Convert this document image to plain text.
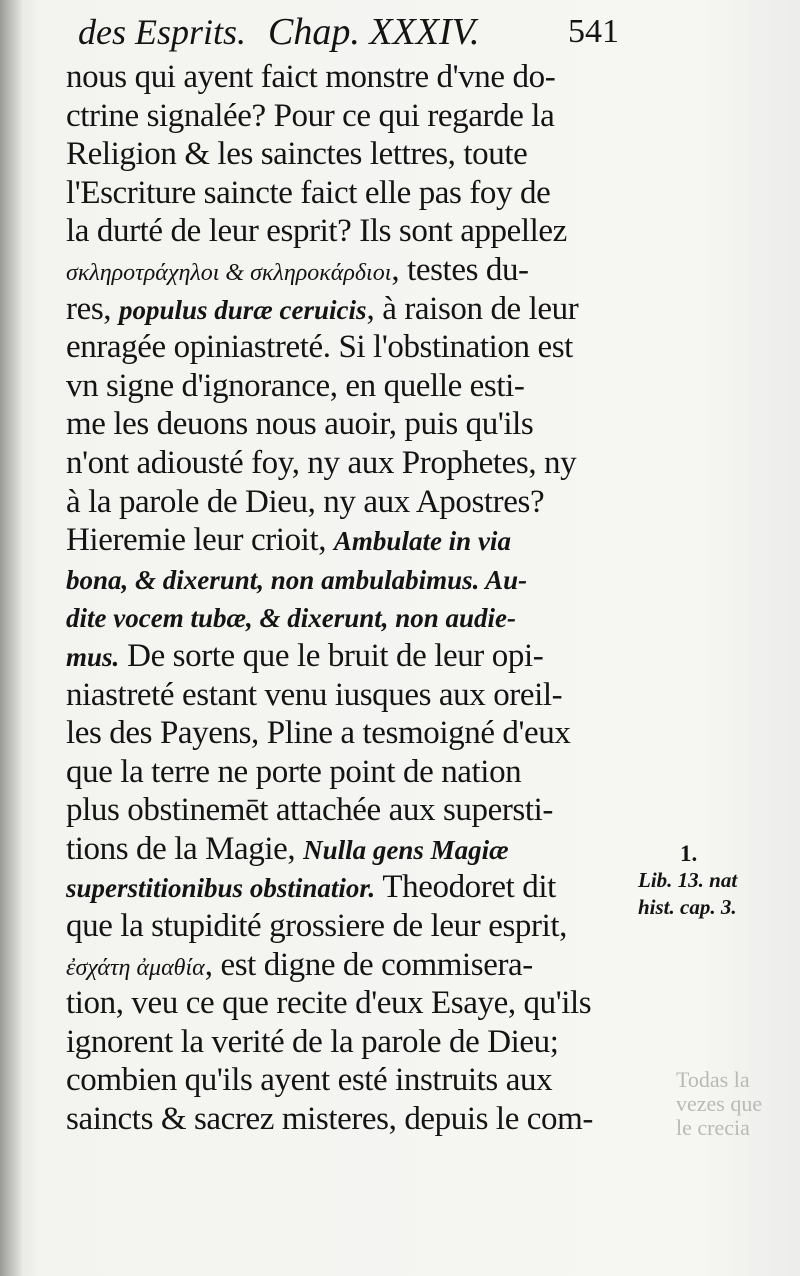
des Esprits. Chap. XXXIV.	541
nous qui ayent faict monstre d'vne do-
ctrine signalée? Pour ce qui regarde la
Religion & les sainctes lettres, toute
l'Escriture saincte faict elle pas foy de
la durté de leur esprit? Ils sont appellez
σκληροτράχηλοι & σκληροκάρδιοι, testes du-
res, populus duræ ceruicis, à raison de leur
enragée opiniastreté. Si l'obstination est
vn signe d'ignorance, en quelle esti-
me les deuons nous auoir, puis qu'ils
n'ont adiousté foy, ny aux Prophetes, ny
à la parole de Dieu, ny aux Apostres?
Hieremie leur crioit, Ambulate in via
bona, & dixerunt, non ambulabimus. Au-
dite vocem tubæ, & dixerunt, non audie-
mus. De sorte que le bruit de leur opi-
niastreté estant venu iusques aux oreil-
les des Payens, Pline a tesmoigné d'eux
que la terre ne porte point de nation
plus obstinemēt attachée aux supersti-
tions de la Magie, Nulla gens Magiæ
superstitionibus obstinatior. Theodoret dit
que la stupidité grossiere de leur esprit,
ἐσχάτη ἀμαθία, est digne de commisera-
tion, veu ce que recite d'eux Esaye, qu'ils
ignorent la verité de la parole de Dieu;
combien qu'ils ayent esté instruits aux
saincts & sacrez misteres, depuis le com-
1.
Lib. 13. nat
hist. cap. 3.
Todas la
vezes que
le crecia
